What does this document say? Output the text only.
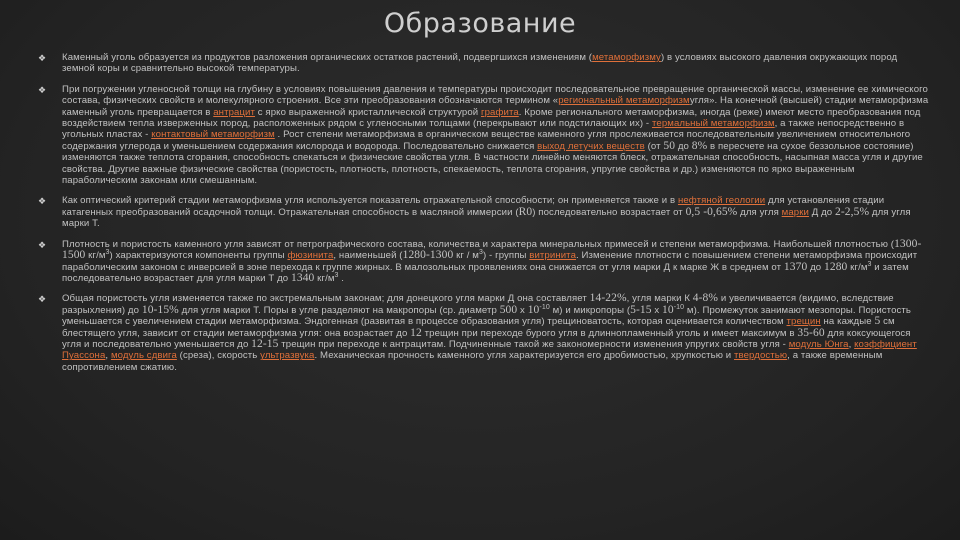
Образование
❖ Каменный уголь образуется из продуктов разложения органических остатков растений, подвергшихся изменениям (метаморфизму) в условиях высокого давления окружающих пород земной коры и сравнительно высокой температуры.
❖ При погружении угленосной толщи на глубину в условиях повышения давления и температуры происходит последовательное превращение органической массы, изменение ее химического состава, физических свойств и молекулярного строения. Все эти преобразования обозначаются термином «региональный метаморфизмугля». На конечной (высшей) стадии метаморфизма каменный уголь превращается в антрацит с ярко выраженной кристаллической структурой графита. Кроме регионального метаморфизма, иногда (реже) имеют место преобразования под воздействием тепла изверженных пород, расположенных рядом с угленосными толщами (перекрывают или подстилающих их) - термальный метаморфизм, а также непосредственно в угольных пластах - контактовый метаморфизм . Рост степени метаморфизма в органическом веществе каменного угля прослеживается последовательным увеличением относительного содержания углерода и уменьшением содержания кислорода и водорода. Последовательно снижается выход летучих веществ (от 50 до 8% в пересчете на сухое беззольное состояние) изменяются также теплота сгорания, способность спекаться и физические свойства угля. В частности линейно меняются блеск, отражательная способность, насыпная масса угля и другие свойства. Другие важные физические свойства (пористость, плотность, плотность, спекаемость, теплота сгорания, упругие свойства и др.) изменяются по ярко выраженным параболическим законам или смешанным.
❖ Как оптический критерий стадии метаморфизма угля используется показатель отражательной способности; он применяется также и в нефтяной геологии для установления стадии катагенных преобразований осадочной толщи. Отражательная способность в масляной иммерсии (R0) последовательно возрастает от 0,5 -0,65% для угля марки Д до 2-2,5% для угля марки Т.
❖ Плотность и пористость каменного угля зависят от петрографического состава, количества и характера минеральных примесей и степени метаморфизма. Наибольшей плотностью (1300-1500 $кг/м^3$) характеризуются компоненты группы фюзинита, наименьшей (1280-1300 кг / $м^3$) - группы витринита. Изменение плотности с повышением степени метаморфизма происходит параболическим законом с инверсией в зоне перехода к группе жирных. В малозольных проявлениях она снижается от угля марки Д к марке Ж в среднем от 1370 до 1280 $кг/м^3$ и затем последовательно возрастает для угля марки Т до 1340 $кг/м^3$ .
❖ Общая пористость угля изменяется также по экстремальным законам; для донецкого угля марки Д она составляет 14-22%, угля марки К 4-8% и увеличивается (видимо, вследствие разрыхления) до 10-15% для угля марки Т. Поры в угле разделяют на макропоры (ср. диаметр 500 х $10^{-10}$ м) и микропоры (5-15 х $10^{-10}$ м). Промежуток занимают мезопоры. Пористость уменьшается с увеличением стадии метаморфизма. Эндогенная (развитая в процессе образования угля) трещиноватость, которая оценивается количеством трещин на каждые 5 см блестящего угля, зависит от стадии метаморфизма угля: она возрастает до 12 трещин при переходе бурого угля в длиннопламенный уголь и имеет максимум в 35-60 для коксующегося угля и последовательно уменьшается до 12-15 трещин при переходе к антрацитам. Подчиненные такой же закономерности изменения упругих свойств угля - модуль Юнга, коэффициент Пуассона, модуль сдвига (среза), скорость ультразвука. Механическая прочность каменного угля характеризуется его дробимостью, хрупкостью и твердостью, а также временным сопротивлением сжатию.
